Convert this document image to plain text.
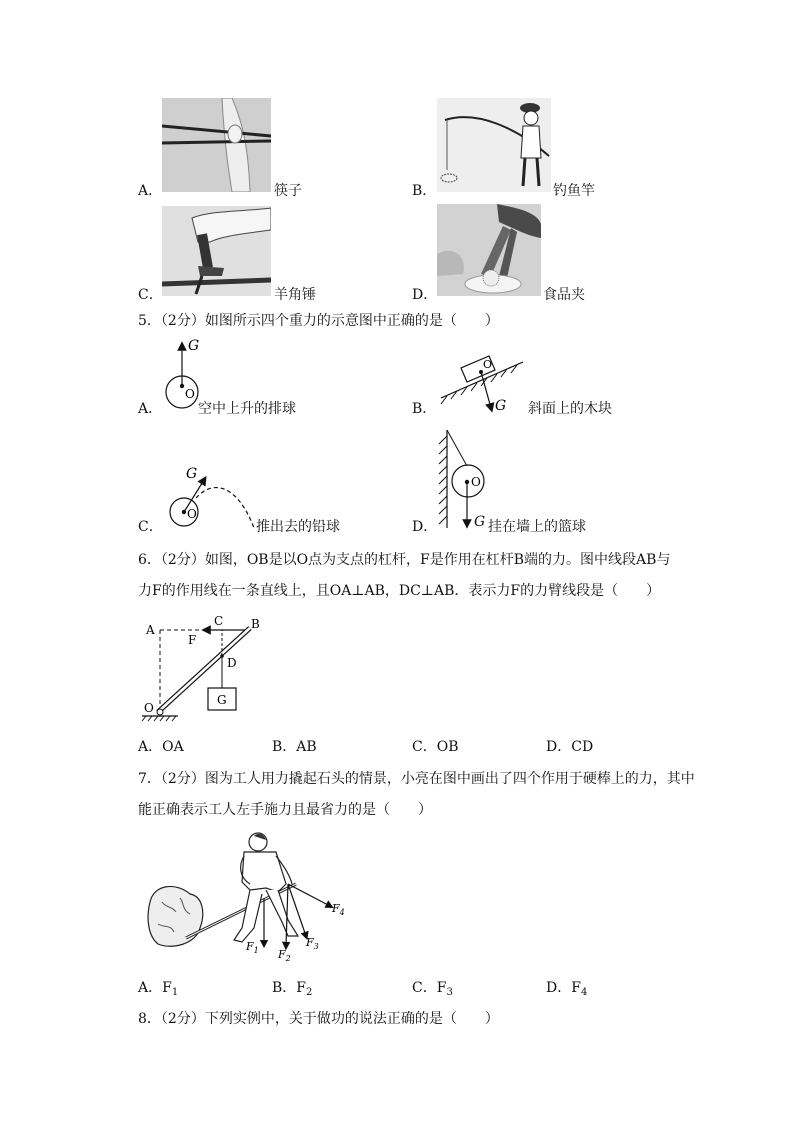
A．	筷子	B．	钓鱼竿
C．	羊角锤	D．	食品夹
5．（2分）如图所示四个重力的示意图中正确的是（　　）
G
O
A．	空中上升的排球
O
G
B．	斜面上的木块
G
O
C．	推出去的铅球
O
G
D．	挂在墙上的篮球
6．（2分）如图，OB是以O点为支点的杠杆，F是作用在杠杆B端的力。图中线段AB与
力F的作用线在一条直线上，且OA⊥AB，DC⊥AB．表示力F的力臂线段是（　　）
A	B
C
D
F
G
O
A．OA	B．AB	C．OB	D．CD
7．（2分）图为工人用力撬起石头的情景，小亮在图中画出了四个作用于硬棒上的力，其中
能正确表示工人左手施力且最省力的是（　　）
$F_1$ $F_2$
$F_3$
$F_4$
A．$F_1$	B．$F_2$	C．$F_3$	D．$F_4$
8．（2分）下列实例中，关于做功的说法正确的是（　　）
